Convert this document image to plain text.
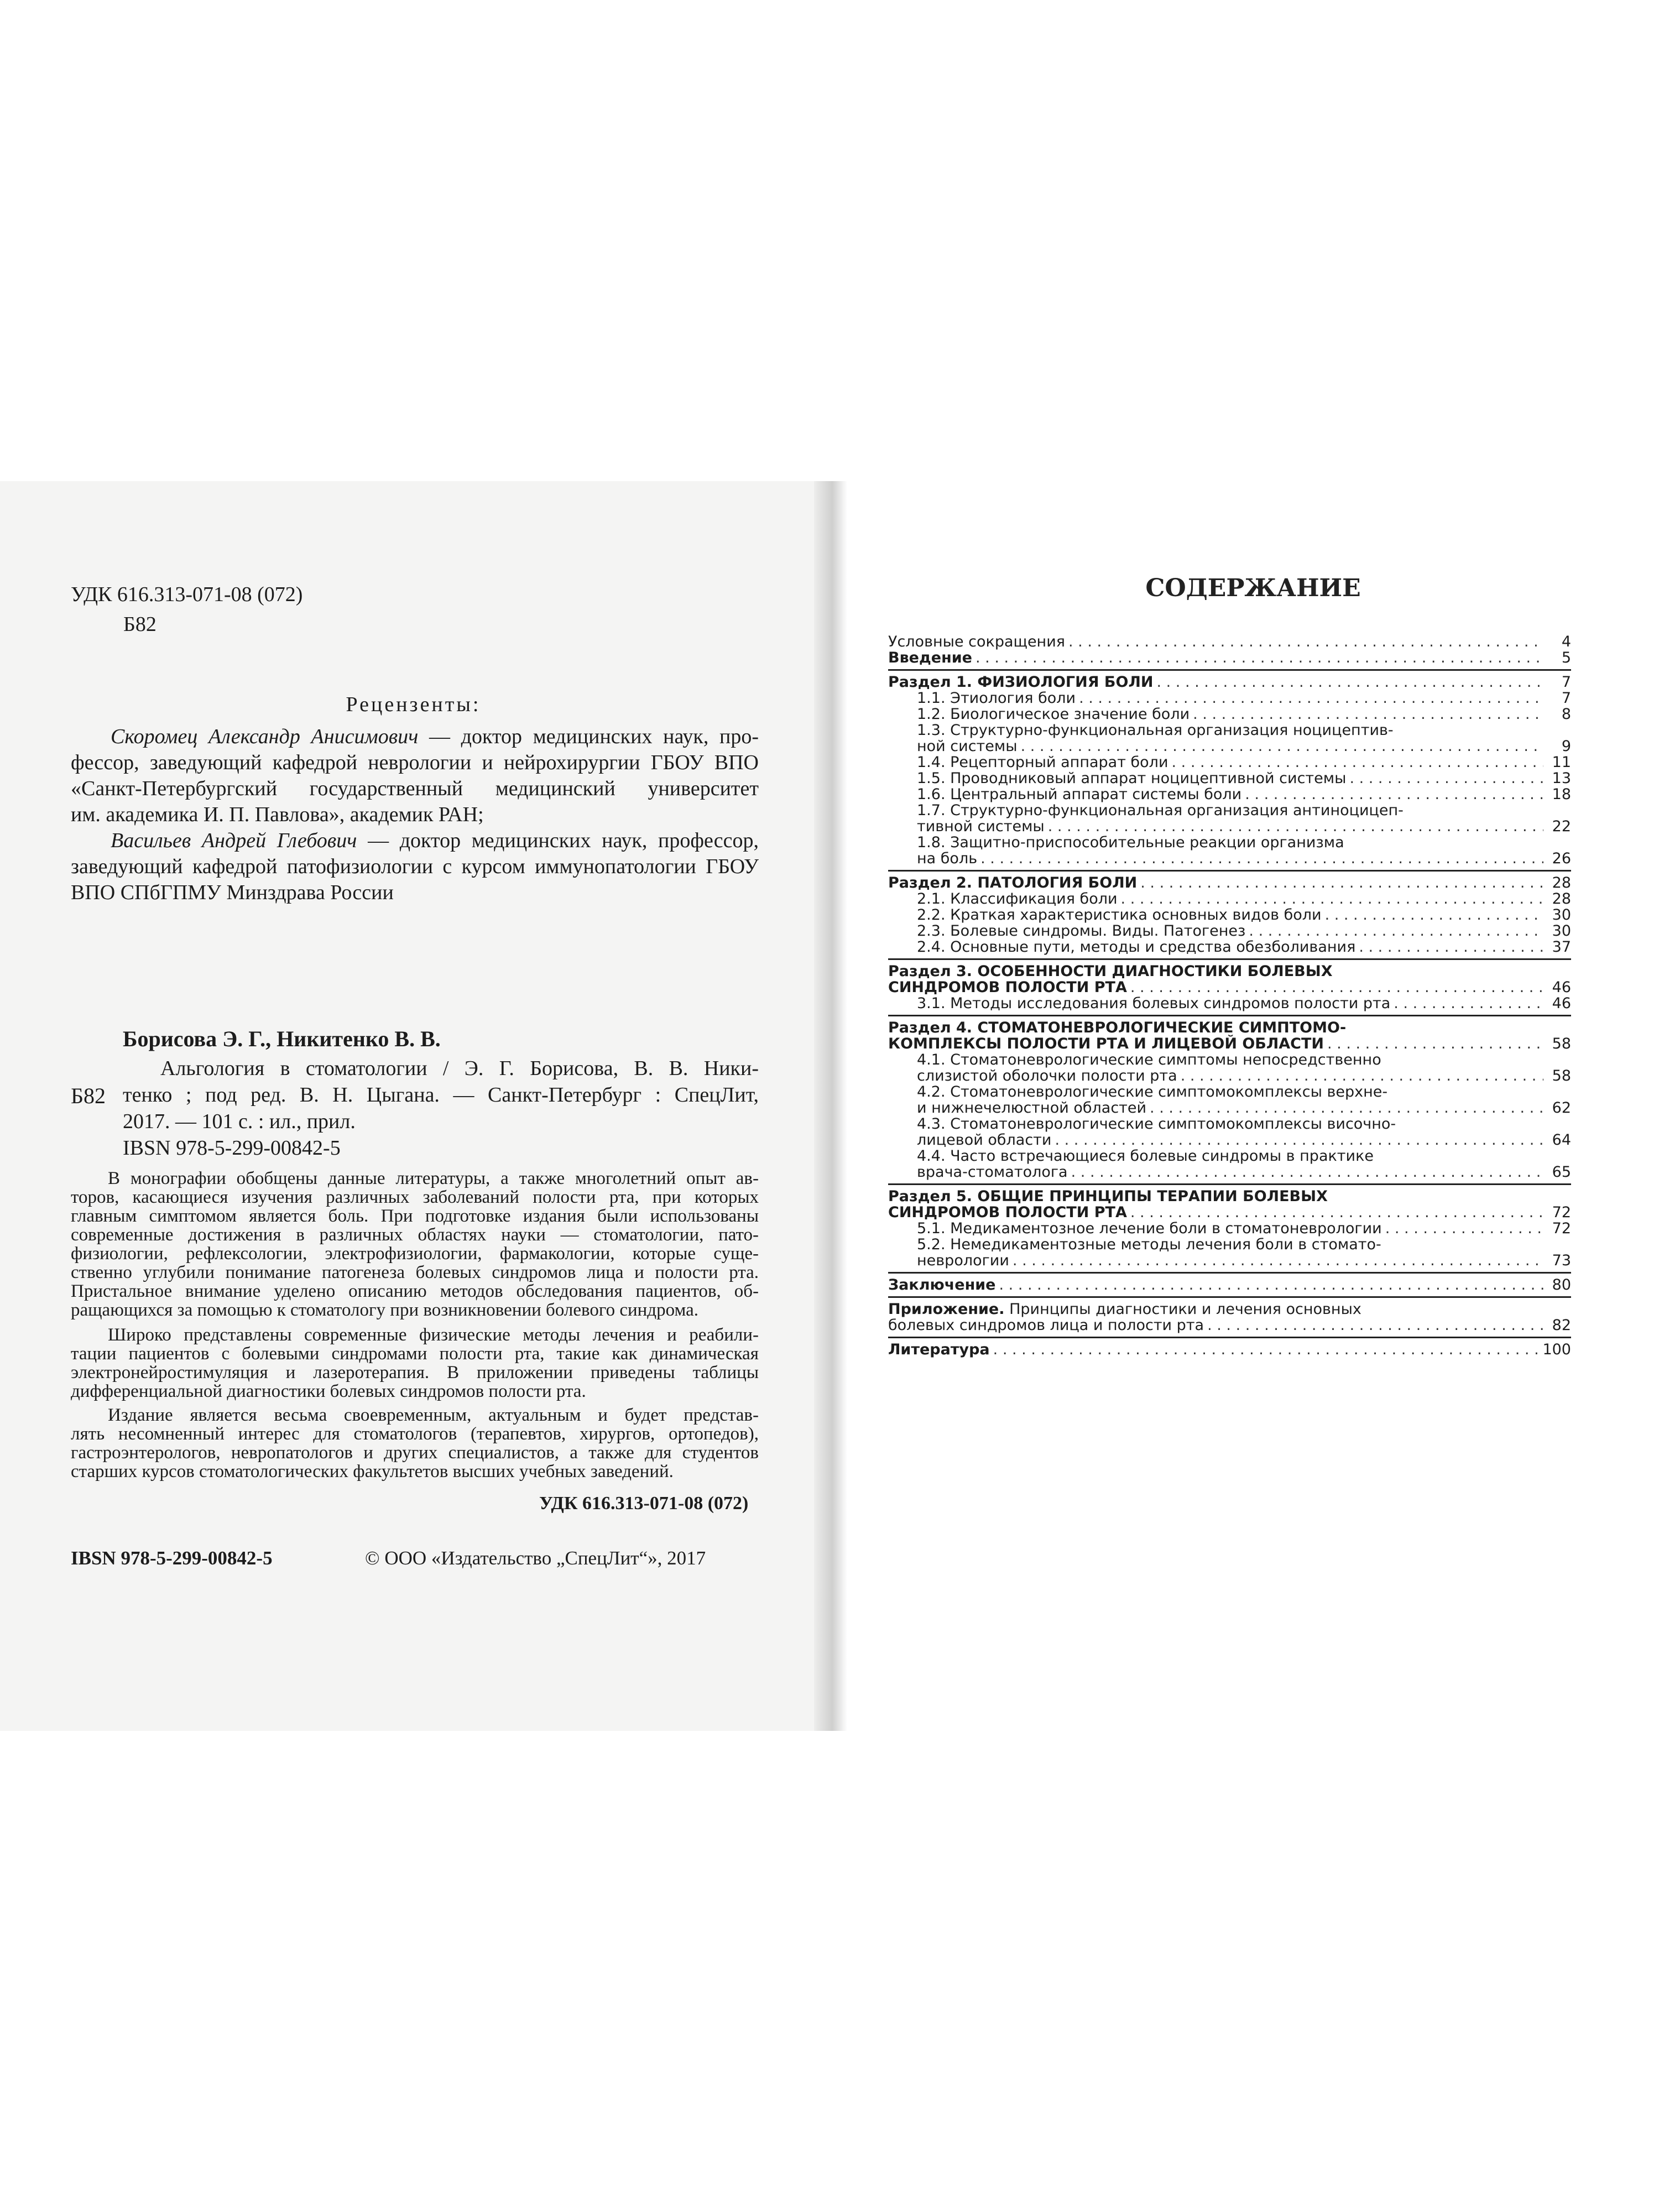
УДК 616.313-071-08 (072)
Б82
Рецензенты:
Скоромец Александр Анисимович — доктор медицинских наук, про-
фессор, заведующий кафедрой неврологии и нейрохирургии ГБОУ ВПО
«Санкт-Петербургский государственный медицинский университет
им. академика И. П. Павлова», академик РАН;
Васильев Андрей Глебович — доктор медицинских наук, профессор,
заведующий кафедрой патофизиологии с курсом иммунопатологии ГБОУ
ВПО СПбГПМУ Минздрава России
Борисова Э. Г., Никитенко В. В.
Б82
Альгология в стоматологии / Э. Г. Борисова, В. В. Ники-
тенко ; под ред. В. Н. Цыгана. — Санкт-Петербург : СпецЛит,
2017. — 101 с. : ил., прил.
IBSN 978-5-299-00842-5
В монографии обобщены данные литературы, а также многолетний опыт ав-
торов, касающиеся изучения различных заболеваний полости рта, при которых
главным симптомом является боль. При подготовке издания были использованы
современные достижения в различных областях науки — стоматологии, пато-
физиологии, рефлексологии, электрофизиологии, фармакологии, которые суще-
ственно углубили понимание патогенеза болевых синдромов лица и полости рта.
Пристальное внимание уделено описанию методов обследования пациентов, об-
ращающихся за помощью к стоматологу при возникновении болевого синдрома.
Широко представлены современные физические методы лечения и реабили-
тации пациентов с болевыми синдромами полости рта, такие как динамическая
электронейростимуляция и лазеротерапия. В приложении приведены таблицы
дифференциальной диагностики болевых синдромов полости рта.
Издание является весьма своевременным, актуальным и будет представ-
лять несомненный интерес для стоматологов (терапевтов, хирургов, ортопедов),
гастроэнтерологов, невропатологов и других специалистов, а также для студентов
старших курсов стоматологических факультетов высших учебных заведений.
УДК 616.313-071-08 (072)
IBSN 978-5-299-00842-5	© ООО «Издательство „СпецЛит“», 2017
СОДЕРЖАНИЕ
Условные сокращения . . .	4
Введение . . .	5
Раздел 1. ФИЗИОЛОГИЯ БОЛИ . . .	7
1.1. Этиология боли . . .	7
1.2. Биологическое значение боли . . .	8
1.3. Структурно-функциональная организация ноцицептив-
ной системы . . .	9
1.4. Рецепторный аппарат боли . . .	11
1.5. Проводниковый аппарат ноцицептивной системы . . .	13
1.6. Центральный аппарат системы боли . . .	18
1.7. Структурно-функциональная организация антиноцицеп-
тивной системы . . .	22
1.8. Защитно-приспособительные реакции организма
на боль . . .	26
Раздел 2. ПАТОЛОГИЯ БОЛИ . . .	28
2.1. Классификация боли . . .	28
2.2. Краткая характеристика основных видов боли . . .	30
2.3. Болевые синдромы. Виды. Патогенез . . .	30
2.4. Основные пути, методы и средства обезболивания . . .	37
Раздел 3. ОСОБЕННОСТИ ДИАГНОСТИКИ БОЛЕВЫХ
СИНДРОМОВ ПОЛОСТИ РТА . . .	46
3.1. Методы исследования болевых синдромов полости рта . . .	46
Раздел 4. СТОМАТОНЕВРОЛОГИЧЕСКИЕ СИМПТОМО-
КОМПЛЕКСЫ ПОЛОСТИ РТА И ЛИЦЕВОЙ ОБЛАСТИ . . .	58
4.1. Стоматоневрологические симптомы непосредственно
слизистой оболочки полости рта . . .	58
4.2. Стоматоневрологические симптомокомплексы верхне-
и нижнечелюстной областей . . .	62
4.3. Стоматоневрологические симптомокомплексы височно-
лицевой области . . .	64
4.4. Часто встречающиеся болевые синдромы в практике
врача-стоматолога . . .	65
Раздел 5. ОБЩИЕ ПРИНЦИПЫ ТЕРАПИИ БОЛЕВЫХ
СИНДРОМОВ ПОЛОСТИ РТА . . .	72
5.1. Медикаментозное лечение боли в стоматоневрологии . . .	72
5.2. Немедикаментозные методы лечения боли в стомато-
неврологии . . .	73
Заключение . . .	80
Приложение. Принципы диагностики и лечения основных
болевых синдромов лица и полости рта . . .	82
Литература . . .	100
